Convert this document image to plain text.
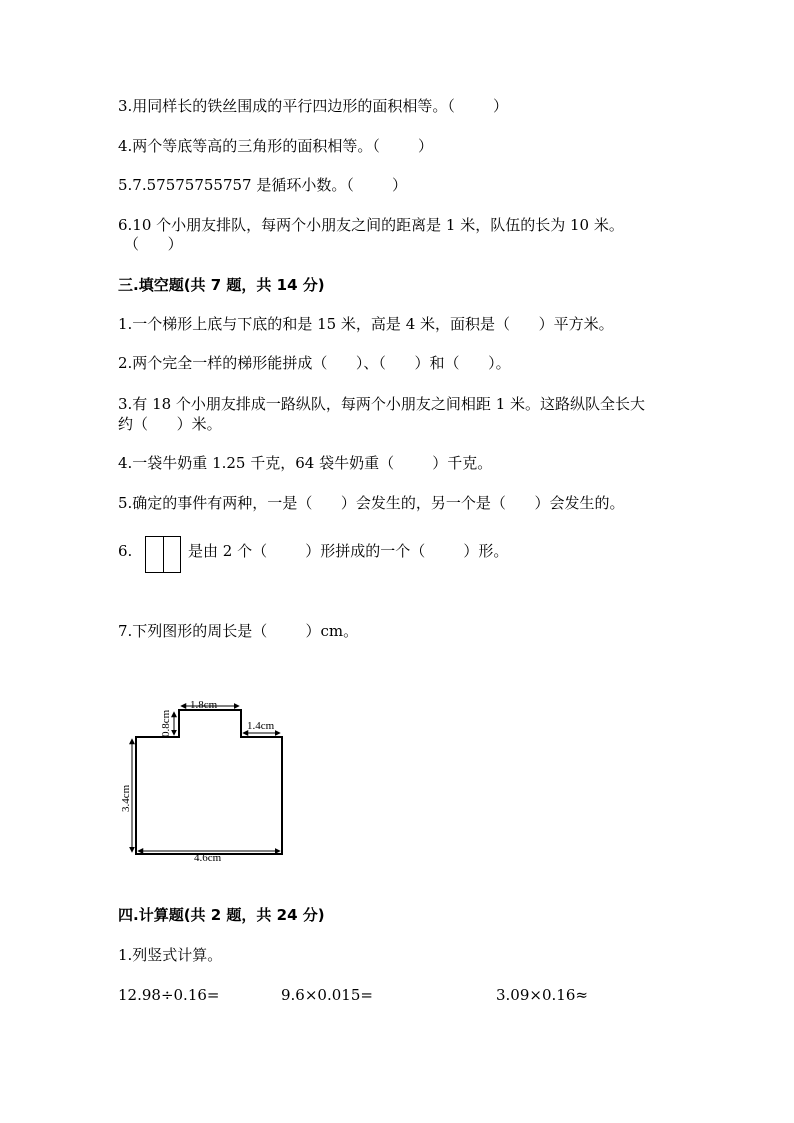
3.用同样长的铁丝围成的平行四边形的面积相等。（        ）
4.两个等底等高的三角形的面积相等。（        ）
5.7.57575755757 是循环小数。（        ）
6.10 个小朋友排队，每两个小朋友之间的距离是 1 米，队伍的长为 10 米。
（      ）
三.填空题(共 7 题，共 14 分)
1.一个梯形上底与下底的和是 15 米，高是 4 米，面积是（      ）平方米。
2.两个完全一样的梯形能拼成（      ）、（      ）和（      ）。
3.有 18 个小朋友排成一路纵队，每两个小朋友之间相距 1 米。这路纵队全长大
约（      ）米。
4.一袋牛奶重 1.25 千克，64 袋牛奶重（        ）千克。
5.确定的事件有两种，一是（      ）会发生的，另一个是（      ）会发生的。
6.	是由 2 个（        ）形拼成的一个（        ）形。
7.下列图形的周长是（        ）cm。
1.8cm
0.8cm	1.4cm
3.4cm
4.6cm
四.计算题(共 2 题，共 24 分)
1.列竖式计算。
12.98÷0.16=	9.6×0.015=	3.09×0.16≈
